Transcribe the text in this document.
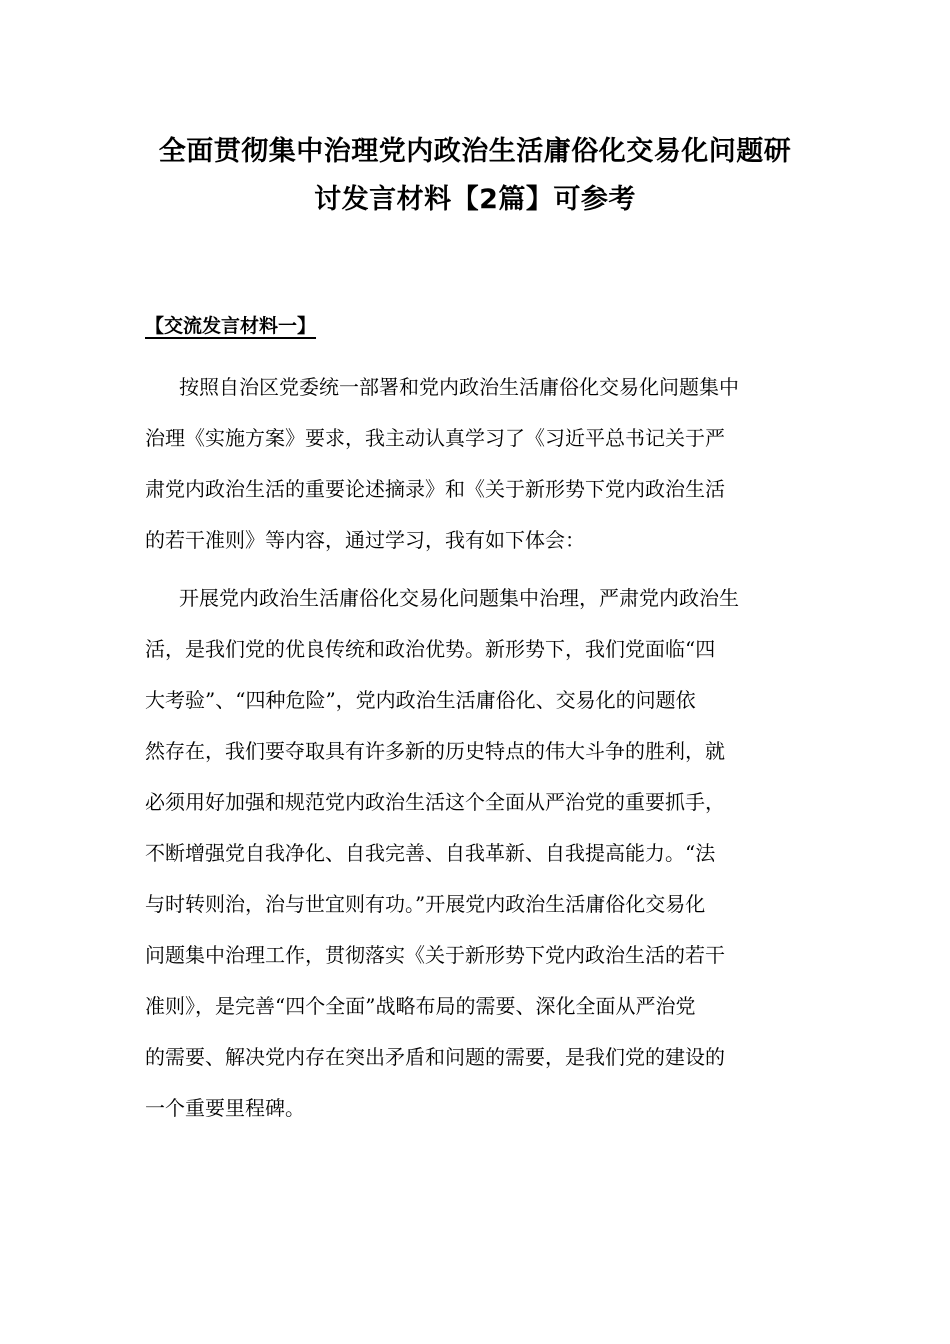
全面贯彻集中治理党内政治生活庸俗化交易化问题研
讨发言材料【2篇】可参考
【交流发言材料一】
按照自治区党委统一部署和党内政治生活庸俗化交易化问题集中
治理《实施方案》要求，我主动认真学习了《习近平总书记关于严
肃党内政治生活的重要论述摘录》和《关于新形势下党内政治生活
的若干准则》等内容，通过学习，我有如下体会：
开展党内政治生活庸俗化交易化问题集中治理，严肃党内政治生
活，是我们党的优良传统和政治优势。新形势下，我们党面临“四
大考验”、“四种危险”，党内政治生活庸俗化、交易化的问题依
然存在，我们要夺取具有许多新的历史特点的伟大斗争的胜利，就
必须用好加强和规范党内政治生活这个全面从严治党的重要抓手，
不断增强党自我净化、自我完善、自我革新、自我提高能力。“法
与时转则治，治与世宜则有功。”开展党内政治生活庸俗化交易化
问题集中治理工作，贯彻落实《关于新形势下党内政治生活的若干
准则》，是完善“四个全面”战略布局的需要、深化全面从严治党
的需要、解决党内存在突出矛盾和问题的需要，是我们党的建设的
一个重要里程碑。
